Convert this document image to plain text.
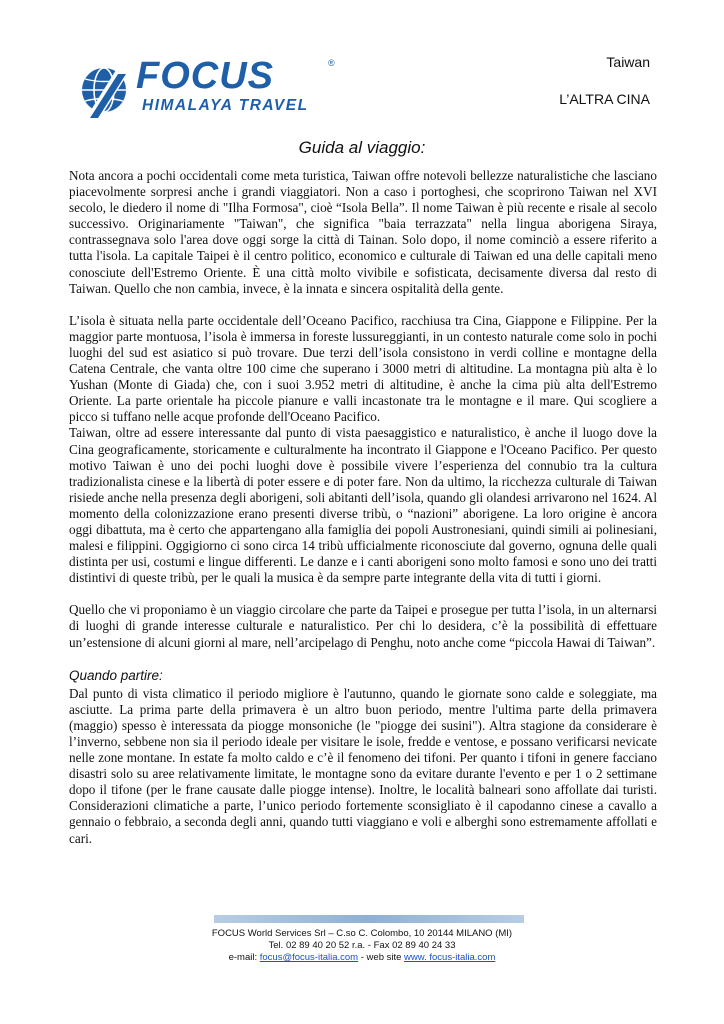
FOCUS	®
HIMALAYA TRAVEL
Taiwan
L’ALTRA CINA
Guida al viaggio:

Nota ancora a pochi occidentali come meta turistica, Taiwan offre notevoli bellezze naturalistiche che lasciano piacevolmente sorpresi anche i grandi viaggiatori. Non a caso i portoghesi, che scoprirono Taiwan nel XVI secolo, le diedero il nome di "Ilha Formosa", cioè “Isola Bella”. Il nome Taiwan è più recente e risale al secolo successivo. Originariamente "Taiwan", che significa "baia terrazzata" nella lingua aborigena Siraya, contrassegnava solo l'area dove oggi sorge la città di Tainan. Solo dopo, il nome cominciò a essere riferito a tutta l'isola. La capitale Taipei è il centro politico, economico e culturale di Taiwan ed una delle capitali meno conosciute dell'Estremo Oriente. È una città molto vivibile e sofisticata, decisamente diversa dal resto di Taiwan. Quello che non cambia, invece, è la innata e sincera ospitalità della gente.

L’isola è situata nella parte occidentale dell’Oceano Pacifico, racchiusa tra Cina, Giappone e Filippine. Per la maggior parte montuosa, l’isola è immersa in foreste lussureggianti, in un contesto naturale come solo in pochi luoghi del sud est asiatico si può trovare. Due terzi dell’isola consistono in verdi colline e montagne della Catena Centrale, che vanta oltre 100 cime che superano i 3000 metri di altitudine. La montagna più alta è lo Yushan (Monte di Giada) che, con i suoi 3.952 metri di altitudine, è anche la cima più alta dell'Estremo Oriente. La parte orientale ha piccole pianure e valli incastonate tra le montagne e il mare. Qui scogliere a picco si tuffano nelle acque profonde dell'Oceano Pacifico.

Taiwan, oltre ad essere interessante dal punto di vista paesaggistico e naturalistico, è anche il luogo dove la Cina geograficamente, storicamente e culturalmente ha incontrato il Giappone e l'Oceano Pacifico. Per questo motivo Taiwan è uno dei pochi luoghi dove è possibile vivere l’esperienza del connubio tra la cultura tradizionalista cinese e la libertà di poter essere e di poter fare. Non da ultimo, la ricchezza culturale di Taiwan risiede anche nella presenza degli aborigeni, soli abitanti dell’isola, quando gli olandesi arrivarono nel 1624. Al momento della colonizzazione erano presenti diverse tribù, o “nazioni” aborigene. La loro origine è ancora oggi dibattuta, ma è certo che appartengano alla famiglia dei popoli Austronesiani, quindi simili ai polinesiani, malesi e filippini. Oggigiorno ci sono circa 14 tribù ufficialmente riconosciute dal governo, ognuna delle quali distinta per usi, costumi e lingue differenti. Le danze e i canti aborigeni sono molto famosi e sono uno dei tratti distintivi di queste tribù, per le quali la musica è da sempre parte integrante della vita di tutti i giorni.

Quello che vi proponiamo è un viaggio circolare che parte da Taipei e prosegue per tutta l’isola, in un alternarsi di luoghi di grande interesse culturale e naturalistico. Per chi lo desidera, c’è la possibilità di effettuare un’estensione di alcuni giorni al mare, nell’arcipelago di Penghu, noto anche come “piccola Hawai di Taiwan”.

Quando partire:

Dal punto di vista climatico il periodo migliore è l'autunno, quando le giornate sono calde e soleggiate, ma asciutte. La prima parte della primavera è un altro buon periodo, mentre l'ultima parte della primavera (maggio) spesso è interessata da piogge monsoniche (le "piogge dei susini"). Altra stagione da considerare è l’inverno, sebbene non sia il periodo ideale per visitare le isole, fredde e ventose, e possano verificarsi nevicate nelle zone montane. In estate fa molto caldo e c’è il fenomeno dei tifoni. Per quanto i tifoni in genere facciano disastri solo su aree relativamente limitate, le montagne sono da evitare durante l'evento e per 1 o 2 settimane dopo il tifone (per le frane causate dalle piogge intense). Inoltre, le località balneari sono affollate dai turisti. Considerazioni climatiche a parte, l’unico periodo fortemente sconsigliato è il capodanno cinese a cavallo a gennaio o febbraio, a seconda degli anni, quando tutti viaggiano e voli e alberghi sono estremamente affollati e cari.

FOCUS World Services Srl – C.so C. Colombo, 10 20144 MILANO (MI)
Tel. 02 89 40 20 52 r.a. - Fax 02 89 40 24 33
e-mail: focus@focus-italia.com - web site www. focus-italia.com
